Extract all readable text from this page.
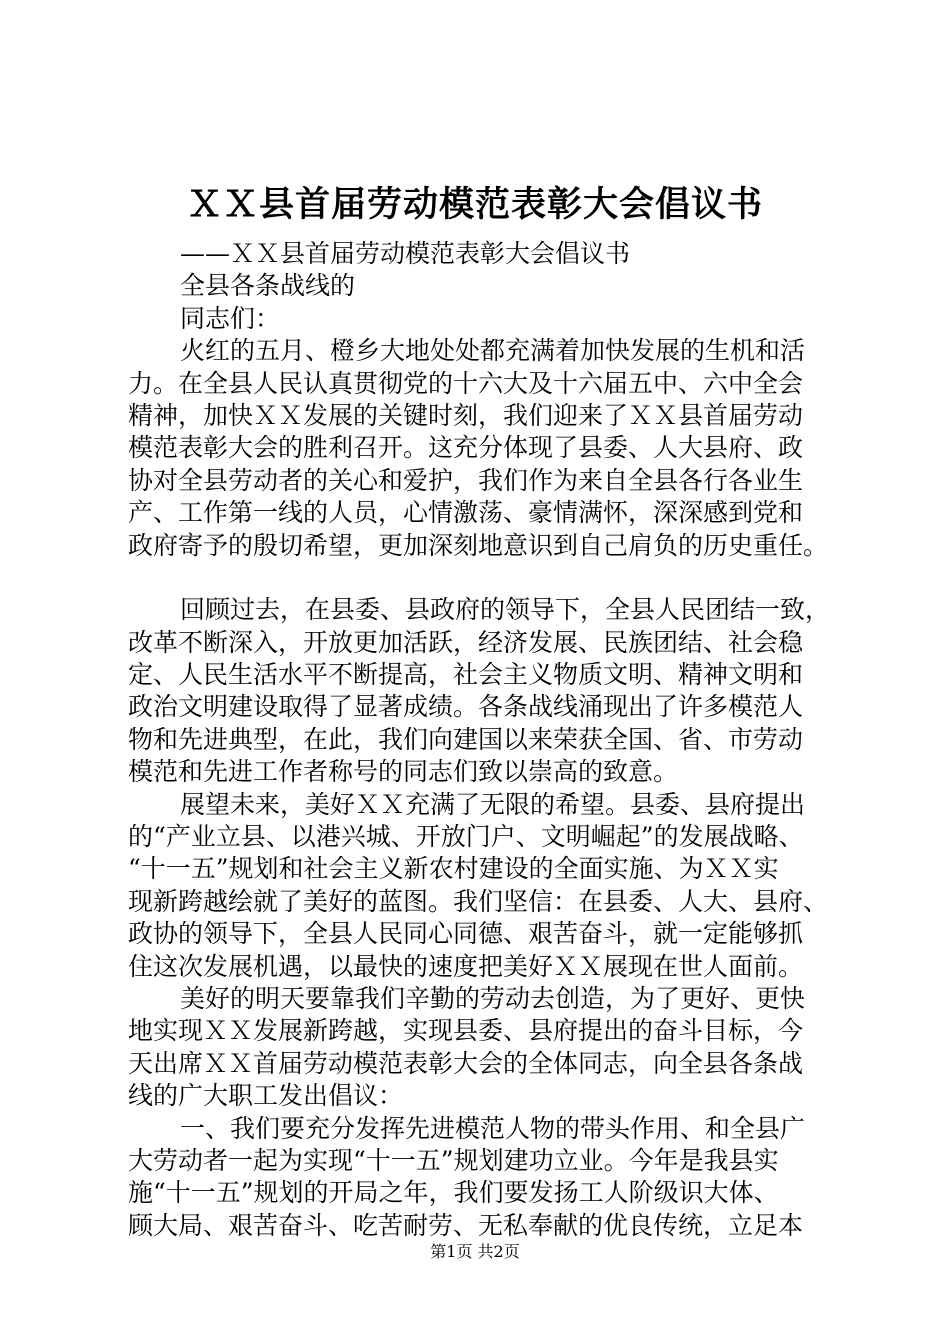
ＸＸ县首届劳动模范表彰大会倡议书
——ＸＸ县首届劳动模范表彰大会倡议书
全县各条战线的
同志们：
火红的五月、橙乡大地处处都充满着加快发展的生机和活
力。在全县人民认真贯彻党的十六大及十六届五中、六中全会
精神，加快ＸＸ发展的关键时刻，我们迎来了ＸＸ县首届劳动
模范表彰大会的胜利召开。这充分体现了县委、人大县府、政
协对全县劳动者的关心和爱护，我们作为来自全县各行各业生
产、工作第一线的人员，心情激荡、豪情满怀，深深感到党和
政府寄予的殷切希望，更加深刻地意识到自己肩负的历史重任。
回顾过去，在县委、县政府的领导下，全县人民团结一致，
改革不断深入，开放更加活跃，经济发展、民族团结、社会稳
定、人民生活水平不断提高，社会主义物质文明、精神文明和
政治文明建设取得了显著成绩。各条战线涌现出了许多模范人
物和先进典型，在此，我们向建国以来荣获全国、省、市劳动
模范和先进工作者称号的同志们致以崇高的致意。
展望未来，美好ＸＸ充满了无限的希望。县委、县府提出
的“产业立县、以港兴城、开放门户、文明崛起”的发展战略、
“十一五”规划和社会主义新农村建设的全面实施、为ＸＸ实
现新跨越绘就了美好的蓝图。我们坚信：在县委、人大、县府、
政协的领导下，全县人民同心同德、艰苦奋斗，就一定能够抓
住这次发展机遇，以最快的速度把美好ＸＸ展现在世人面前。
美好的明天要靠我们辛勤的劳动去创造，为了更好、更快
地实现ＸＸ发展新跨越，实现县委、县府提出的奋斗目标，今
天出席ＸＸ首届劳动模范表彰大会的全体同志，向全县各条战
线的广大职工发出倡议：
一、我们要充分发挥先进模范人物的带头作用、和全县广
大劳动者一起为实现“十一五”规划建功立业。今年是我县实
施“十一五”规划的开局之年，我们要发扬工人阶级识大体、
顾大局、艰苦奋斗、吃苦耐劳、无私奉献的优良传统，立足本
第1页 共2页
